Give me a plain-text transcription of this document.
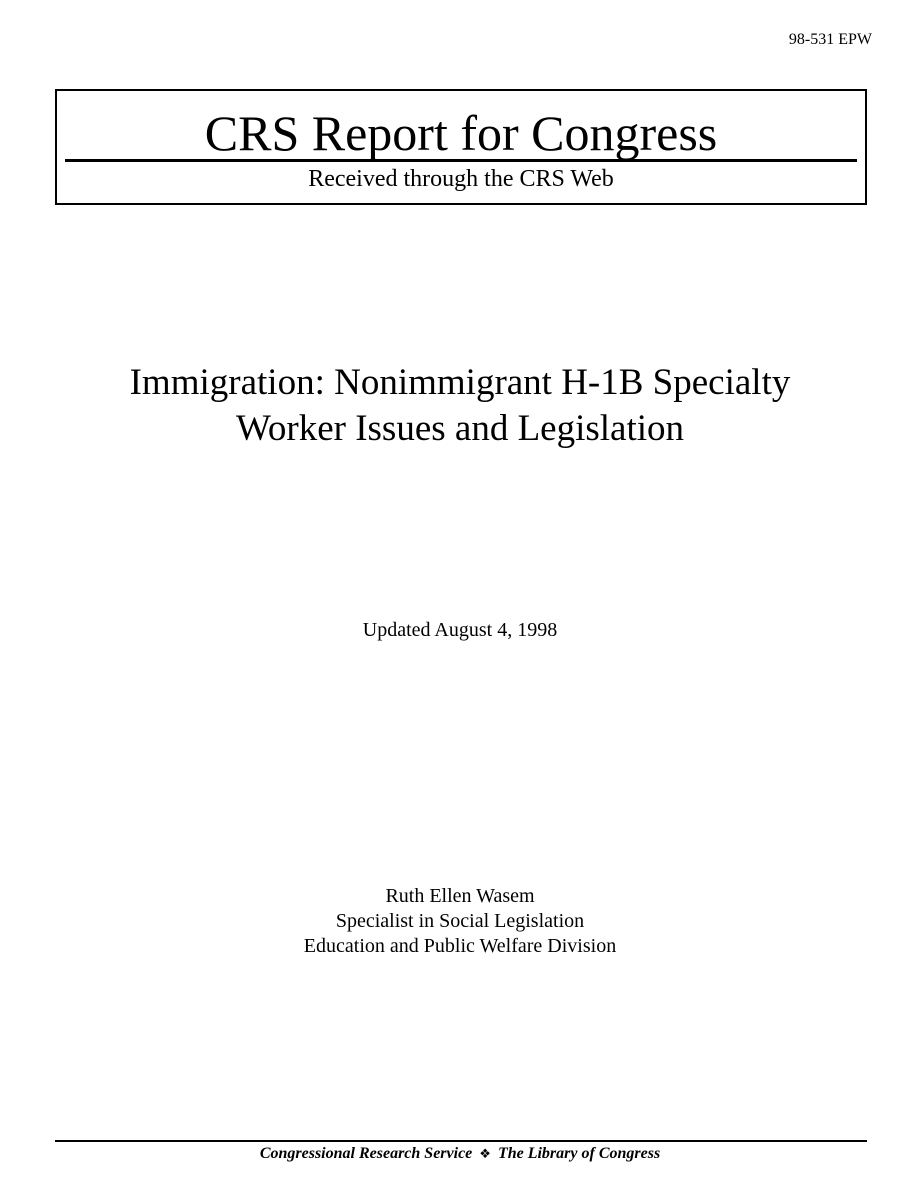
98-531 EPW
CRS Report for Congress
Received through the CRS Web
Immigration: Nonimmigrant H-1B Specialty
Worker Issues and Legislation
Updated August 4, 1998
Ruth Ellen Wasem
Specialist in Social Legislation
Education and Public Welfare Division
Congressional Research Service ❖ The Library of Congress
